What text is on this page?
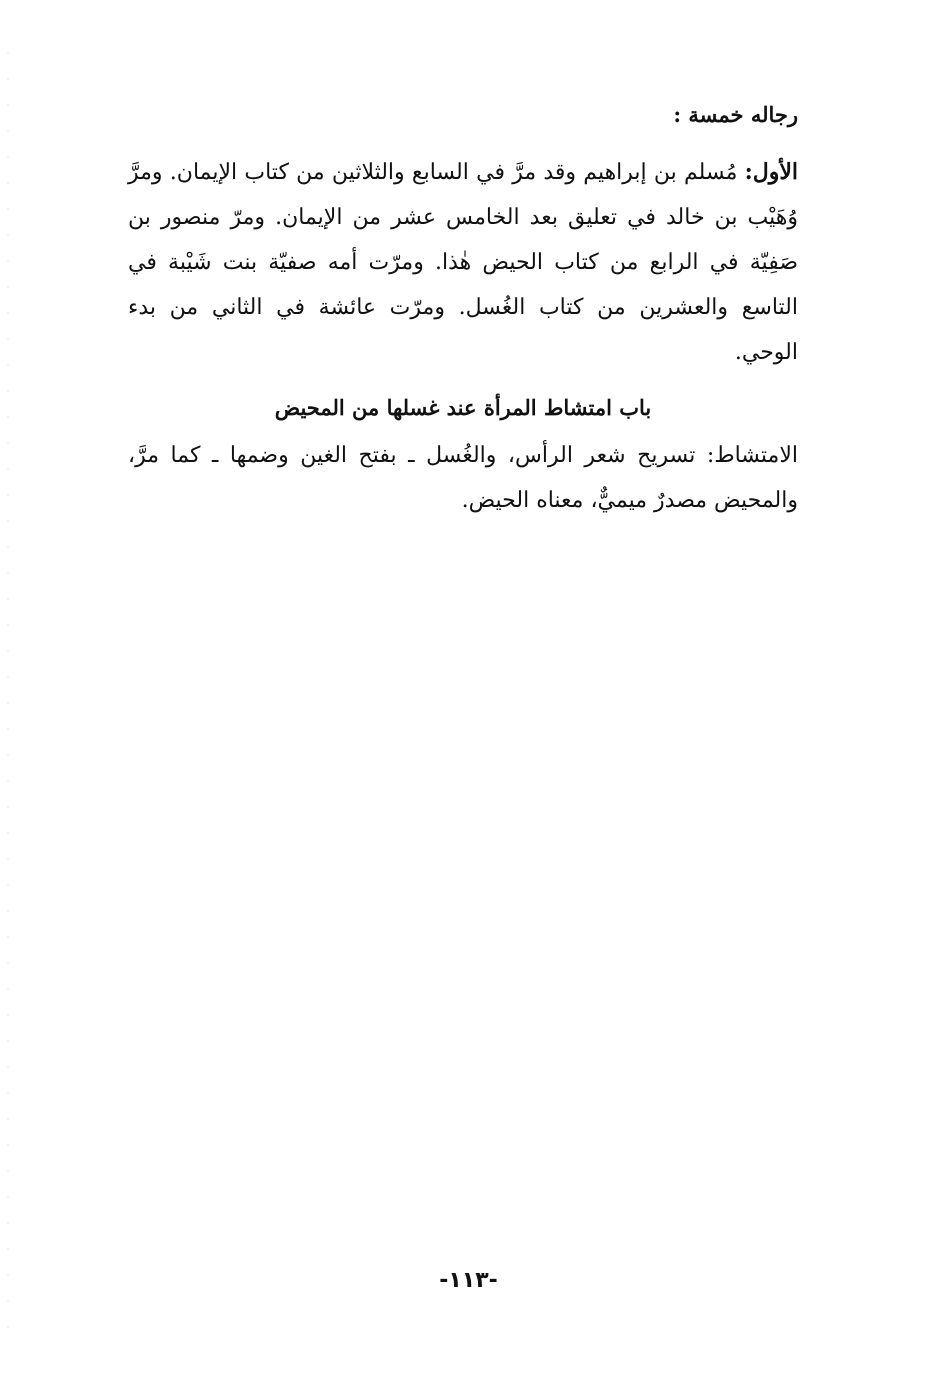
رجاله خمسة :

الأول: مُسلم بن إبراهيم وقد مرَّ في السابع والثلاثين من كتاب الإيمان. ومرَّ وُهَيْب بن خالد في تعليق بعد الخامس عشر من الإيمان. ومرّ منصور بن صَفِيّة في الرابع من كتاب الحيض هٰذا. ومرّت أمه صفيّة بنت شَيْبة في التاسع والعشرين من كتاب الغُسل. ومرّت عائشة في الثاني من بدء الوحي.

باب امتشاط المرأة عند غسلها من المحيض

الامتشاط: تسريح شعر الرأس، والغُسل ـ بفتح الغين وضمها ـ كما مرَّ، والمحيض مصدرٌ ميميٌّ، معناه الحيض.

-١١٣-
